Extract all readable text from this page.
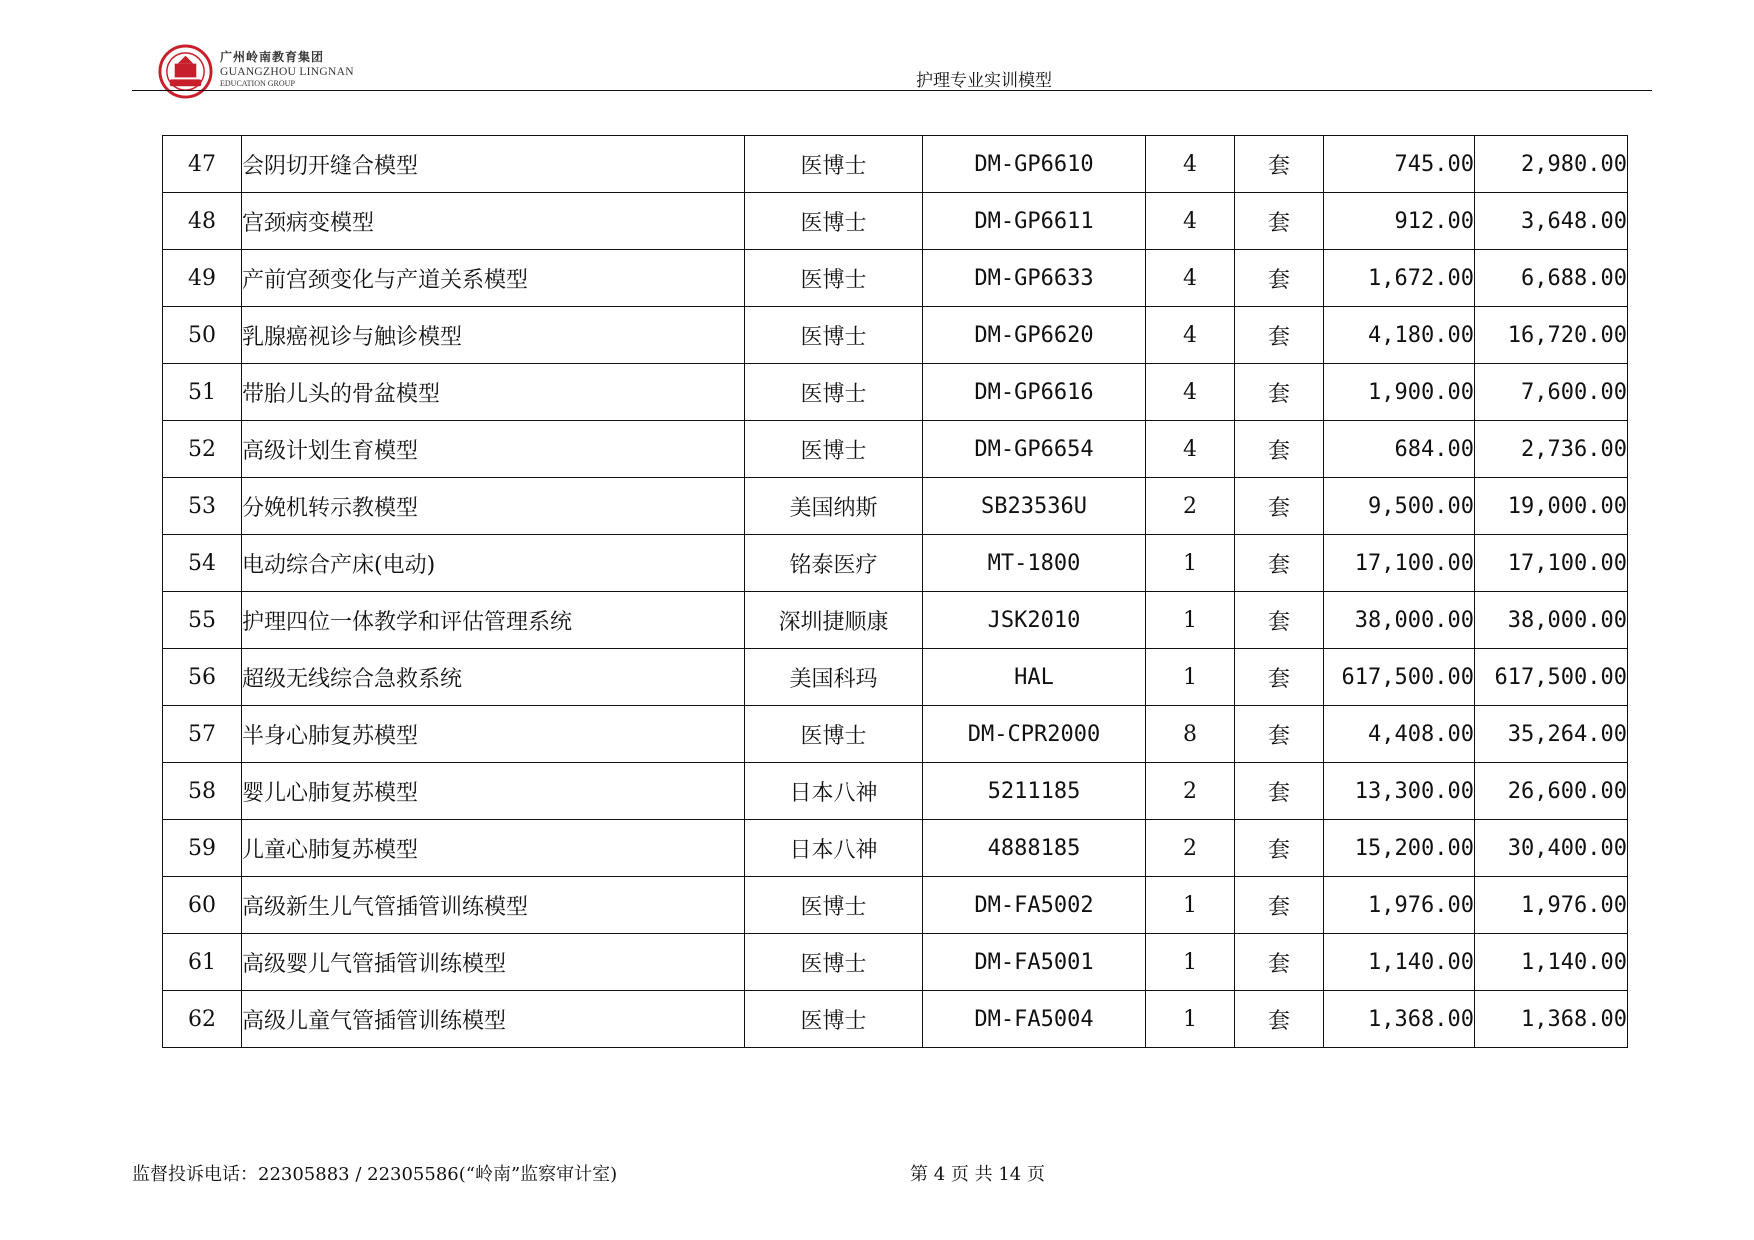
广州岭南教育集团
GUANGZHOU LINGNAN
EDUCATION GROUP	护理专业实训模型
47	会阴切开缝合模型	医博士	DM-GP6610	4	套	745.00	2,980.00
48	宫颈病变模型	医博士	DM-GP6611	4	套	912.00	3,648.00
49	产前宫颈变化与产道关系模型	医博士	DM-GP6633	4	套	1,672.00	6,688.00
50	乳腺癌视诊与触诊模型	医博士	DM-GP6620	4	套	4,180.00	16,720.00
51	带胎儿头的骨盆模型	医博士	DM-GP6616	4	套	1,900.00	7,600.00
52	高级计划生育模型	医博士	DM-GP6654	4	套	684.00	2,736.00
53	分娩机转示教模型	美国纳斯	SB23536U	2	套	9,500.00	19,000.00
54	电动综合产床(电动)	铭泰医疗	MT-1800	1	套	17,100.00	17,100.00
55	护理四位一体教学和评估管理系统	深圳捷顺康	JSK2010	1	套	38,000.00	38,000.00
56	超级无线综合急救系统	美国科玛	HAL	1	套	617,500.00	617,500.00
57	半身心肺复苏模型	医博士	DM-CPR2000	8	套	4,408.00	35,264.00
58	婴儿心肺复苏模型	日本八神	5211185	2	套	13,300.00	26,600.00
59	儿童心肺复苏模型	日本八神	4888185	2	套	15,200.00	30,400.00
60	高级新生儿气管插管训练模型	医博士	DM-FA5002	1	套	1,976.00	1,976.00
61	高级婴儿气管插管训练模型	医博士	DM-FA5001	1	套	1,140.00	1,140.00
62	高级儿童气管插管训练模型	医博士	DM-FA5004	1	套	1,368.00	1,368.00
监督投诉电话：22305883 / 22305586(“岭南”监察审计室)	第 4 页 共 14 页
